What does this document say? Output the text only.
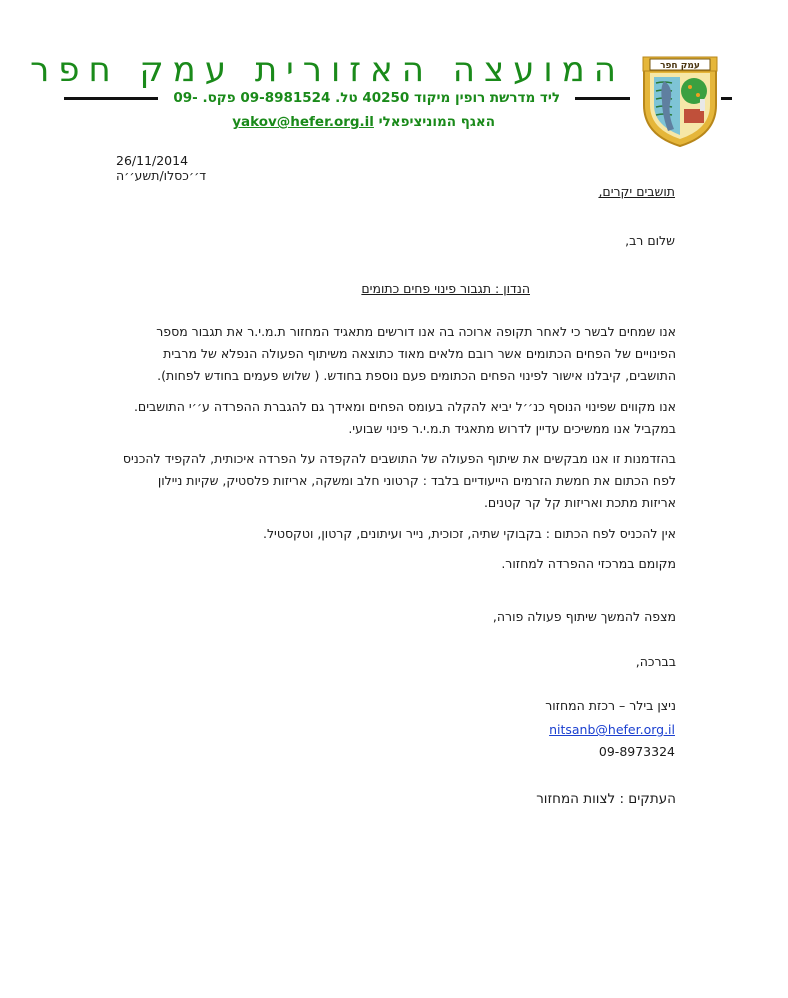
המועצה האזורית עמק חפר
ליד מדרשת רופין מיקוד 40250 טל. 09-8981524 פקס. -09
האגף המוניציפאלי yakov@hefer.org.il
עמק חפר
26/11/2014
ד׳׳כסלו/תשע׳׳ה
תושבים יקרים,
שלום רב,
הנדון : תגבור פינוי פחים כתומים
אנו שמחים לבשר כי לאחר תקופה ארוכה בה אנו דורשים מתאגיד המחזור ת.מ.י.ר את תגבור מספר
הפינויים של הפחים הכתומים אשר רובם מלאים מאוד כתוצאה משיתוף הפעולה הנפלא של מרבית
התושבים, קיבלנו אישור לפינוי הפחים הכתומים פעם נוספת בחודש. ( שלוש פעמים בחודש לפחות).
אנו מקווים שפינוי הנוסף כנ׳׳ל יביא להקלה בעומס הפחים ומאידך גם להגברת ההפרדה ע׳׳י התושבים.
במקביל אנו ממשיכים עדיין לדרוש מתאגיד ת.מ.י.ר פינוי שבועי.
בהזדמנות זו אנו מבקשים את שיתוף הפעולה של התושבים להקפדה על הפרדה איכותית, להקפיד להכניס
לפח הכתום את חמשת הזרמים הייעודיים בלבד : קרטוני חלב ומשקה, אריזות פלסטיק, שקיות ניילון
אריזות מתכת ואריזות קל קר קטנים.
אין להכניס לפח הכתום : בקבוקי שתיה, זכוכית, נייר ועיתונים, קרטון, וטקסטיל.
מקומם במרכזי ההפרדה למחזור.
מצפה להמשך שיתוף פעולה פורה,
בברכה,
ניצן בילר – רכזת המחזור
nitsanb@hefer.org.il
09-8973324
העתקים : לצוות המחזור
